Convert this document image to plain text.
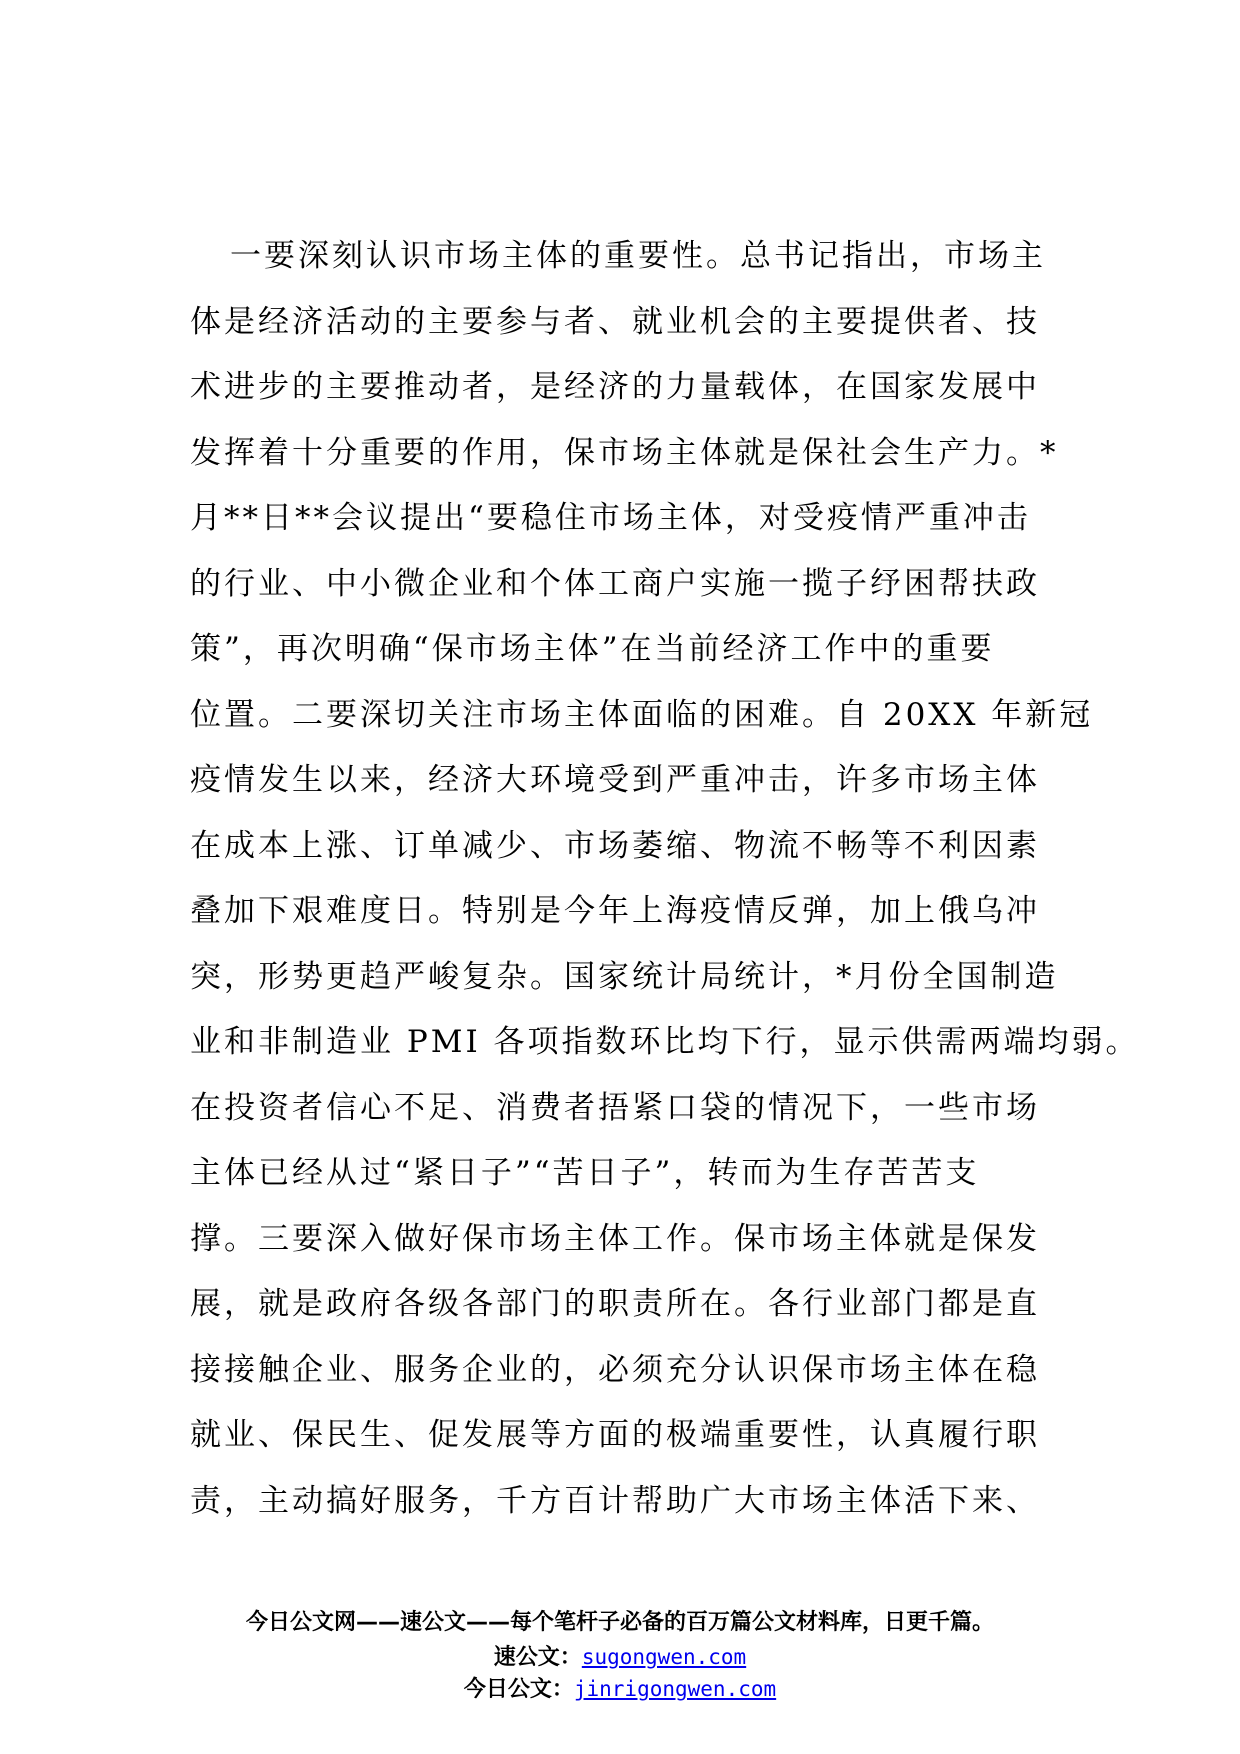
一要深刻认识市场主体的重要性。总书记指出，市场主
体是经济活动的主要参与者、就业机会的主要提供者、技
术进步的主要推动者，是经济的力量载体，在国家发展中
发挥着十分重要的作用，保市场主体就是保社会生产力。*
月**日**会议提出“要稳住市场主体，对受疫情严重冲击
的行业、中小微企业和个体工商户实施一揽子纾困帮扶政
策”，再次明确“保市场主体”在当前经济工作中的重要
位置。二要深切关注市场主体面临的困难。自 20XX 年新冠
疫情发生以来，经济大环境受到严重冲击，许多市场主体
在成本上涨、订单减少、市场萎缩、物流不畅等不利因素
叠加下艰难度日。特别是今年上海疫情反弹，加上俄乌冲
突，形势更趋严峻复杂。国家统计局统计，*月份全国制造
业和非制造业 PMI 各项指数环比均下行，显示供需两端均弱。
在投资者信心不足、消费者捂紧口袋的情况下，一些市场
主体已经从过“紧日子”“苦日子”，转而为生存苦苦支
撑。三要深入做好保市场主体工作。保市场主体就是保发
展，就是政府各级各部门的职责所在。各行业部门都是直
接接触企业、服务企业的，必须充分认识保市场主体在稳
就业、保民生、促发展等方面的极端重要性，认真履行职
责，主动搞好服务，千方百计帮助广大市场主体活下来、
今日公文网——速公文——每个笔杆子必备的百万篇公文材料库，日更千篇。
速公文：sugongwen.com
今日公文：jinrigongwen.com
